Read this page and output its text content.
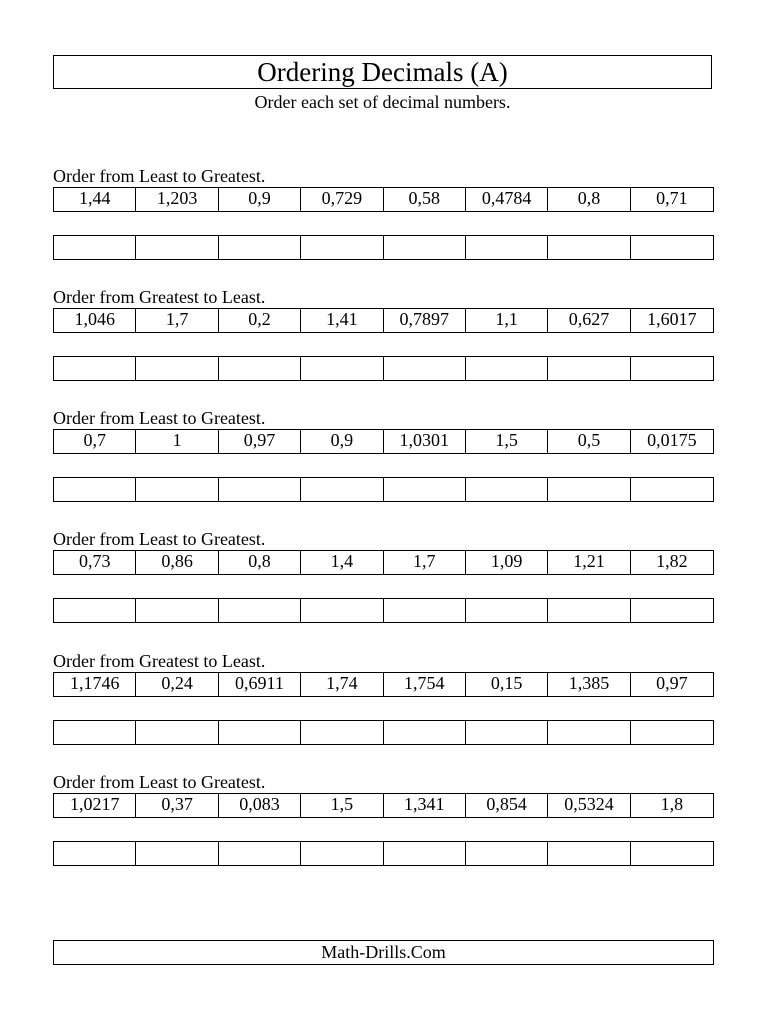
Ordering Decimals (A)
Order each set of decimal numbers.
Order from Least to Greatest.
1,44	1,203	0,9	0,729	0,58	0,4784	0,8	0,71
Order from Greatest to Least.
1,046	1,7	0,2	1,41	0,7897	1,1	0,627	1,6017
Order from Least to Greatest.
0,7	1	0,97	0,9	1,0301	1,5	0,5	0,0175
Order from Least to Greatest.
0,73	0,86	0,8	1,4	1,7	1,09	1,21	1,82
Order from Greatest to Least.
1,1746	0,24	0,6911	1,74	1,754	0,15	1,385	0,97
Order from Least to Greatest.
1,0217	0,37	0,083	1,5	1,341	0,854	0,5324	1,8
Math-Drills.Com
